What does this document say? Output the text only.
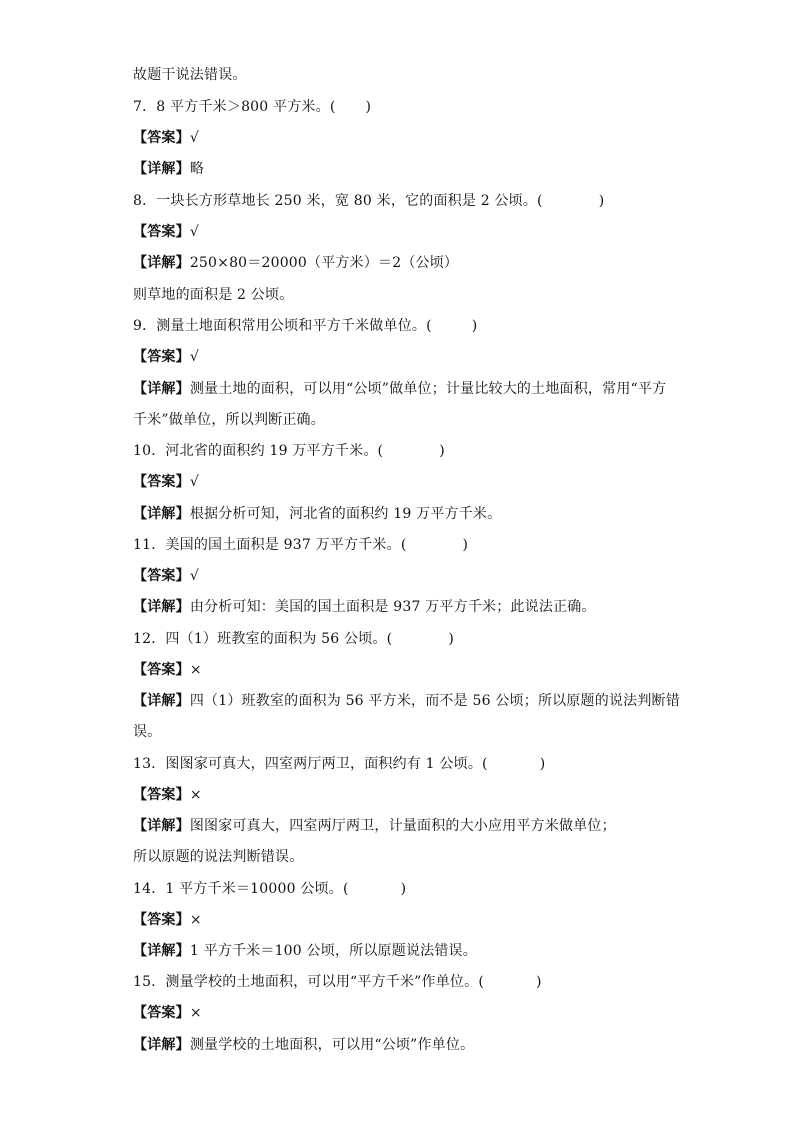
故题干说法错误。
7．8 平方千米＞800 平方米。( )
【答案】√
【详解】略
8．一块长方形草地长 250 米，宽 80 米，它的面积是 2 公顷。(	)
【答案】√
【详解】250×80＝20000（平方米）＝2（公顷）
则草地的面积是 2 公顷。
9．测量土地面积常用公顷和平方千米做单位。(	)
【答案】√
【详解】测量土地的面积，可以用“公顷”做单位；计量比较大的土地面积，常用“平方
千米”做单位，所以判断正确。
10．河北省的面积约 19 万平方千米。(	)
【答案】√
【详解】根据分析可知，河北省的面积约 19 万平方千米。
11．美国的国土面积是 937 万平方千米。(	)
【答案】√
【详解】由分析可知：美国的国土面积是 937 万平方千米；此说法正确。
12．四（1）班教室的面积为 56 公顷。(	)
【答案】×
【详解】四（1）班教室的面积为 56 平方米，而不是 56 公顷；所以原题的说法判断错
误。
13．图图家可真大，四室两厅两卫，面积约有 1 公顷。(	)
【答案】×
【详解】图图家可真大，四室两厅两卫，计量面积的大小应用平方米做单位；
所以原题的说法判断错误。
14．1 平方千米＝10000 公顷。(	)
【答案】×
【详解】1 平方千米＝100 公顷，所以原题说法错误。
15．测量学校的土地面积，可以用“平方千米”作单位。(	)
【答案】×
【详解】测量学校的土地面积，可以用“公顷”作单位。
